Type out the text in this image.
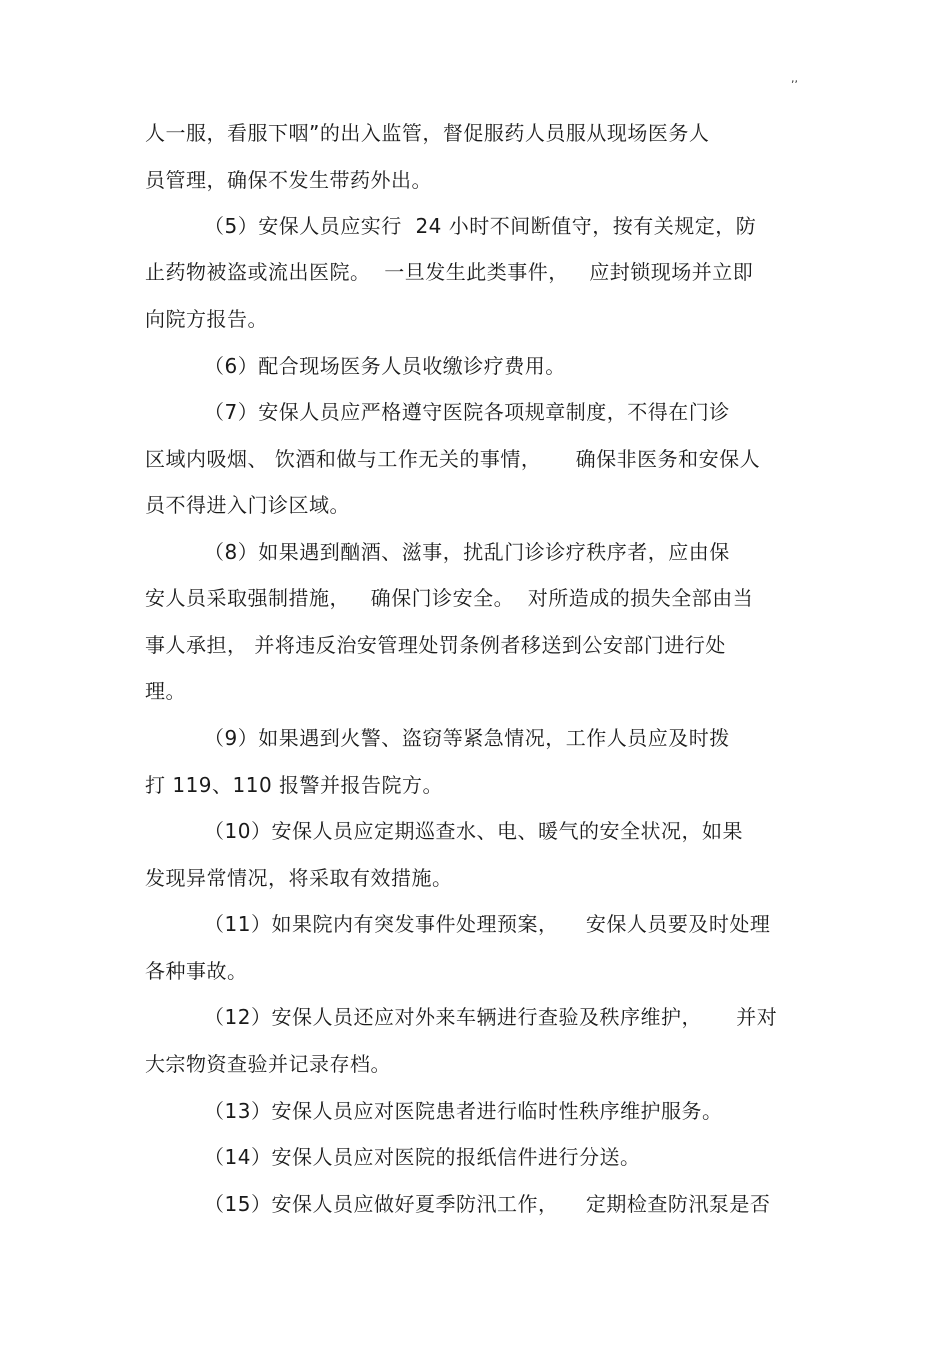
,,
人一服，看服下咽”的出入监管，督促服药人员服从现场医务人
员管理，确保不发生带药外出。
（5）安保人员应实行  24 小时不间断值守，按有关规定，防
止药物被盗或流出医院。  一旦发生此类事件，   应封锁现场并立即
向院方报告。
（6）配合现场医务人员收缴诊疗费用。
（7）安保人员应严格遵守医院各项规章制度，不得在门诊
区域内吸烟、 饮酒和做与工作无关的事情，     确保非医务和安保人
员不得进入门诊区域。
（8）如果遇到酗酒、滋事，扰乱门诊诊疗秩序者，应由保
安人员采取强制措施，   确保门诊安全。  对所造成的损失全部由当
事人承担， 并将违反治安管理处罚条例者移送到公安部门进行处
理。
（9）如果遇到火警、盗窃等紧急情况，工作人员应及时拨
打 119、110 报警并报告院方。
（10）安保人员应定期巡查水、电、暖气的安全状况，如果
发现异常情况，将采取有效措施。
（11）如果院内有突发事件处理预案，    安保人员要及时处理
各种事故。
（12）安保人员还应对外来车辆进行查验及秩序维护，     并对
大宗物资查验并记录存档。
（13）安保人员应对医院患者进行临时性秩序维护服务。
（14）安保人员应对医院的报纸信件进行分送。
（15）安保人员应做好夏季防汛工作，    定期检查防汛泵是否
